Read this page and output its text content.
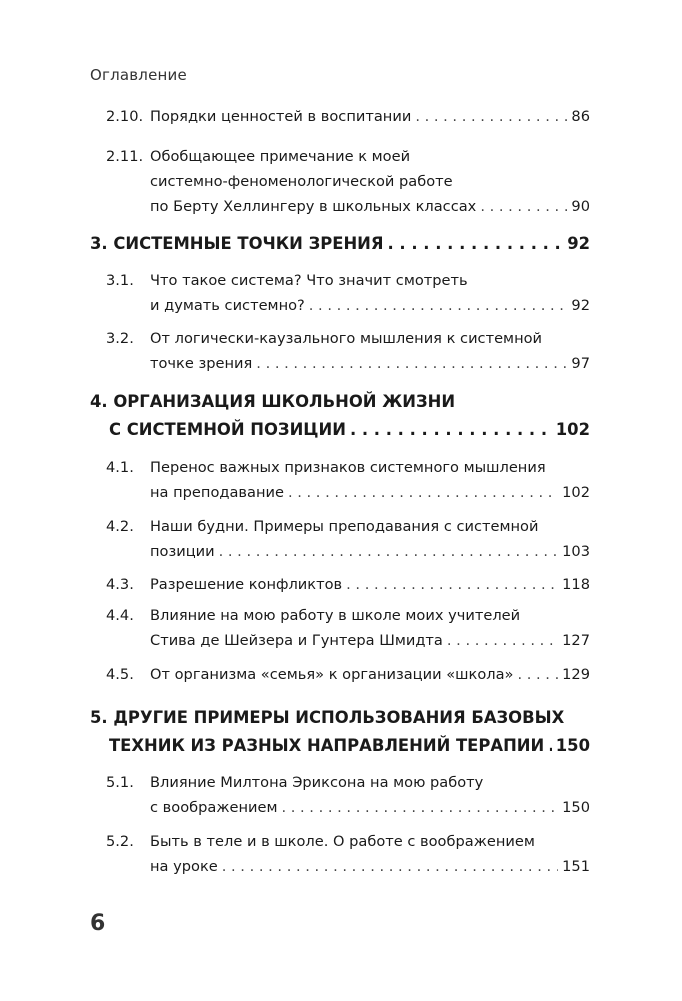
Оглавление
2.10. Порядки ценностей в воспитании . . .	86
2.11. Обобщающее примечание к моей
системно-феноменологической работе
по Берту Хеллингеру в школьных классах . . .	90
3. СИСТЕМНЫЕ ТОЧКИ ЗРЕНИЯ . . .	92
3.1. Что такое система? Что значит смотреть
и думать системно? . . .	92
3.2. От логически-каузального мышления к системной
точке зрения . . .	97
4. ОРГАНИЗАЦИЯ ШКОЛЬНОЙ ЖИЗНИ
С СИСТЕМНОЙ ПОЗИЦИИ . . .	102
4.1. Перенос важных признаков системного мышления
на преподавание . . .	102
4.2. Наши будни. Примеры преподавания с системной
позиции . . .	103
4.3. Разрешение конфликтов . . .	118
4.4. Влияние на мою работу в школе моих учителей
Стива де Шейзера и Гунтера Шмидта . . .	127
4.5. От организма «семья» к организации «школа» . . .	129
5. ДРУГИЕ ПРИМЕРЫ ИСПОЛЬЗОВАНИЯ БАЗОВЫХ
ТЕХНИК ИЗ РАЗНЫХ НАПРАВЛЕНИЙ ТЕРАПИИ . . . 150
5.1. Влияние Милтона Эриксона на мою работу
с воображением . . .	150
5.2. Быть в теле и в школе. О работе с воображением
на уроке . . .	151
6
